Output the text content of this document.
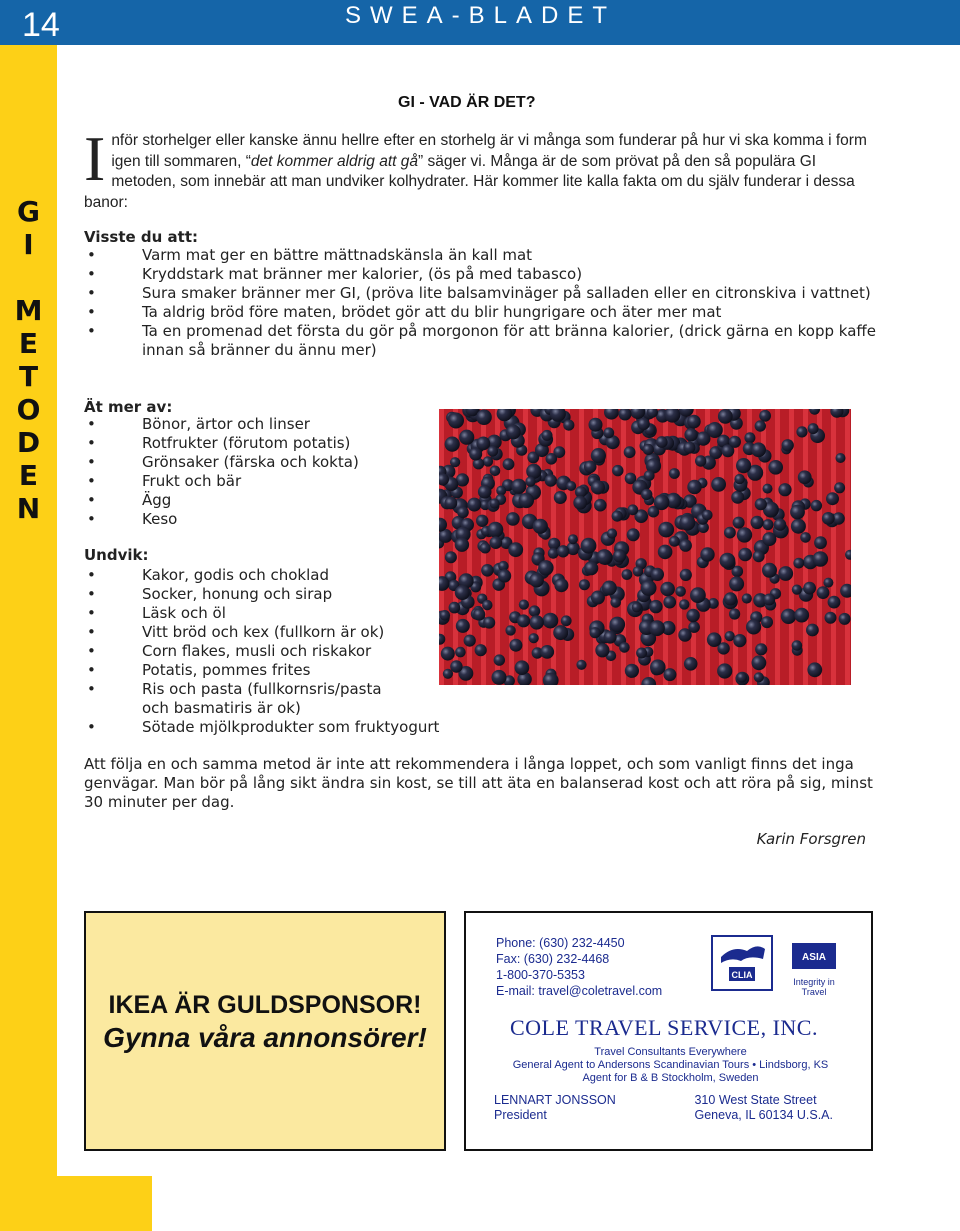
14	SWEA-BLADET
G
I
M
E
T
O
D
E
N
GI - VAD ÄR DET?
Inför storhelger eller kanske ännu hellre efter en storhelg är vi många som funderar på hur vi ska komma i form igen till sommaren, “det kommer aldrig att gå” säger vi. Många är de som prövat på den så populära GI metoden, som innebär att man undviker kolhydrater. Här kommer lite kalla fakta om du själv funderar i dessa banor:
Visste du att:
•	Varm mat ger en bättre mättnadskänsla än kall mat
•	Kryddstark mat bränner mer kalorier, (ös på med tabasco)
•	Sura smaker bränner mer GI, (pröva lite balsamvinäger på salladen eller en citronskiva i vattnet)
•	Ta aldrig bröd före maten, brödet gör att du blir hungrigare och äter mer mat
•	Ta en promenad det första du gör på morgonon för att bränna kalorier, (drick gärna en kopp kaffe innan så bränner du ännu mer)
Ät mer av:
•	Bönor, ärtor och linser
•	Rotfrukter (förutom potatis)
•	Grönsaker (färska och kokta)
•	Frukt och bär
•	Ägg
•	Keso
Undvik:
•	Kakor, godis och choklad
•	Socker, honung och sirap
•	Läsk och öl
•	Vitt bröd och kex (fullkorn är ok)
•	Corn flakes, musli och riskakor
•	Potatis, pommes frites
•	Ris och pasta (fullkornsris/pasta och basmatiris är ok)
•	Sötade mjölkprodukter som fruktyogurt
Att följa en och samma metod är inte att rekommendera i långa loppet, och som vanligt finns det inga genvägar. Man bör på lång sikt ändra sin kost, se till att äta en balanserad kost och att röra på sig, minst 30 minuter per dag.
Karin Forsgren
IKEA ÄR GULDSPONSOR!
Gynna våra annonsörer!
Phone: (630) 232-4450
Fax: (630) 232-4468
1-800-370-5353
E-mail: travel@coletravel.com
CLIA
ASIA
Integrity in Travel
COLE TRAVEL SERVICE, INC.
Travel Consultants Everywhere
General Agent to Andersons Scandinavian Tours • Lindsborg, KS
Agent for B & B Stockholm, Sweden
LENNART JONSSON
President
310 West State Street
Geneva, IL 60134 U.S.A.
